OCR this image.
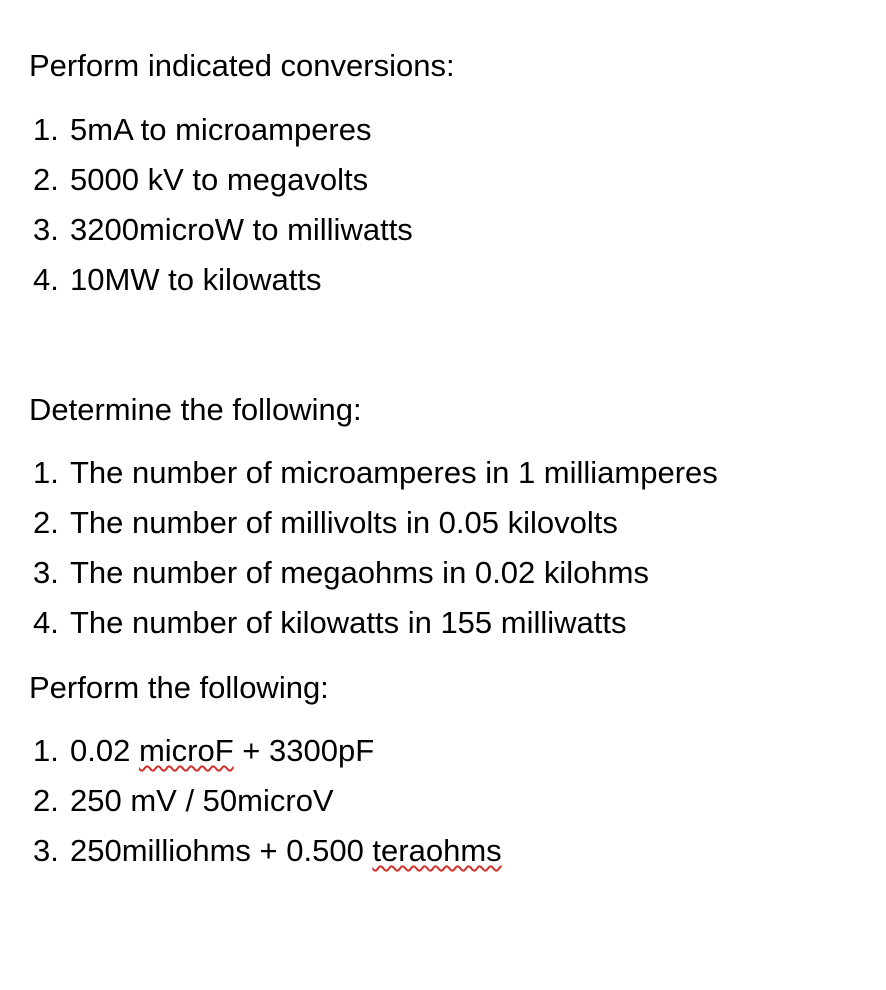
Perform indicated conversions:

1. 5mA to microamperes
2. 5000 kV to megavolts
3. 3200microW to milliwatts
4. 10MW to kilowatts

Determine the following:

1. The number of microamperes in 1 milliamperes
2. The number of millivolts in 0.05 kilovolts
3. The number of megaohms in 0.02 kilohms
4. The number of kilowatts in 155 milliwatts

Perform the following:

1. 0.02 microF + 3300pF
2. 250 mV / 50microV
3. 250milliohms + 0.500 teraohms
